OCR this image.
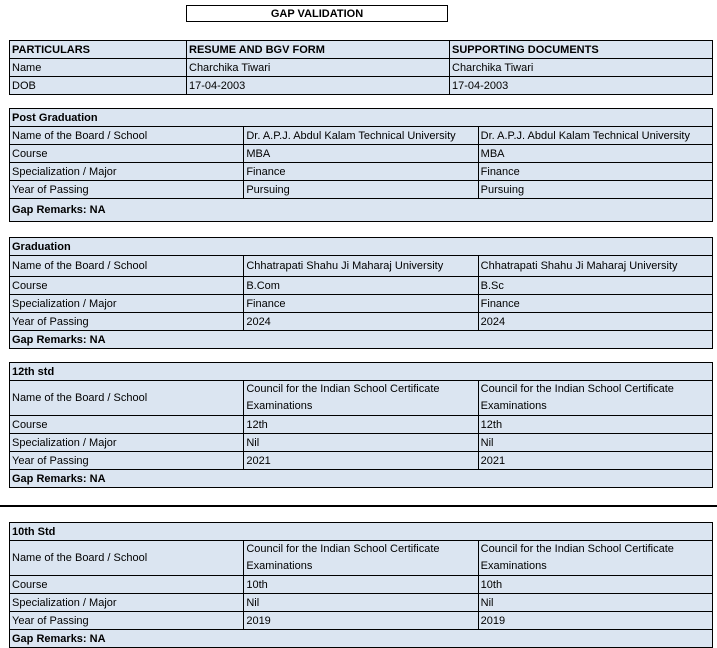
GAP VALIDATION
PARTICULARS	RESUME AND BGV FORM	SUPPORTING DOCUMENTS
Name	Charchika Tiwari	Charchika Tiwari
DOB	17-04-2003	17-04-2003
Post Graduation		
Name of the Board / School	Dr. A.P.J. Abdul Kalam Technical University	Dr. A.P.J. Abdul Kalam Technical University
Course	MBA	MBA
Specialization / Major	Finance	Finance
Year of Passing	Pursuing	Pursuing
Gap Remarks: NA		
Graduation		
Name of the Board / School	Chhatrapati Shahu Ji Maharaj University	Chhatrapati Shahu Ji Maharaj University
Course	B.Com	B.Sc
Specialization / Major	Finance	Finance
Year of Passing	2024	2024
Gap Remarks: NA		
12th std		
Name of the Board / School	Council for the Indian School Certificate Examinations	Council for the Indian School Certificate Examinations
Course	12th	12th
Specialization / Major	Nil	Nil
Year of Passing	2021	2021
Gap Remarks: NA		
10th Std		
Name of the Board / School	Council for the Indian School Certificate Examinations	Council for the Indian School Certificate Examinations
Course	10th	10th
Specialization / Major	Nil	Nil
Year of Passing	2019	2019
Gap Remarks: NA		
